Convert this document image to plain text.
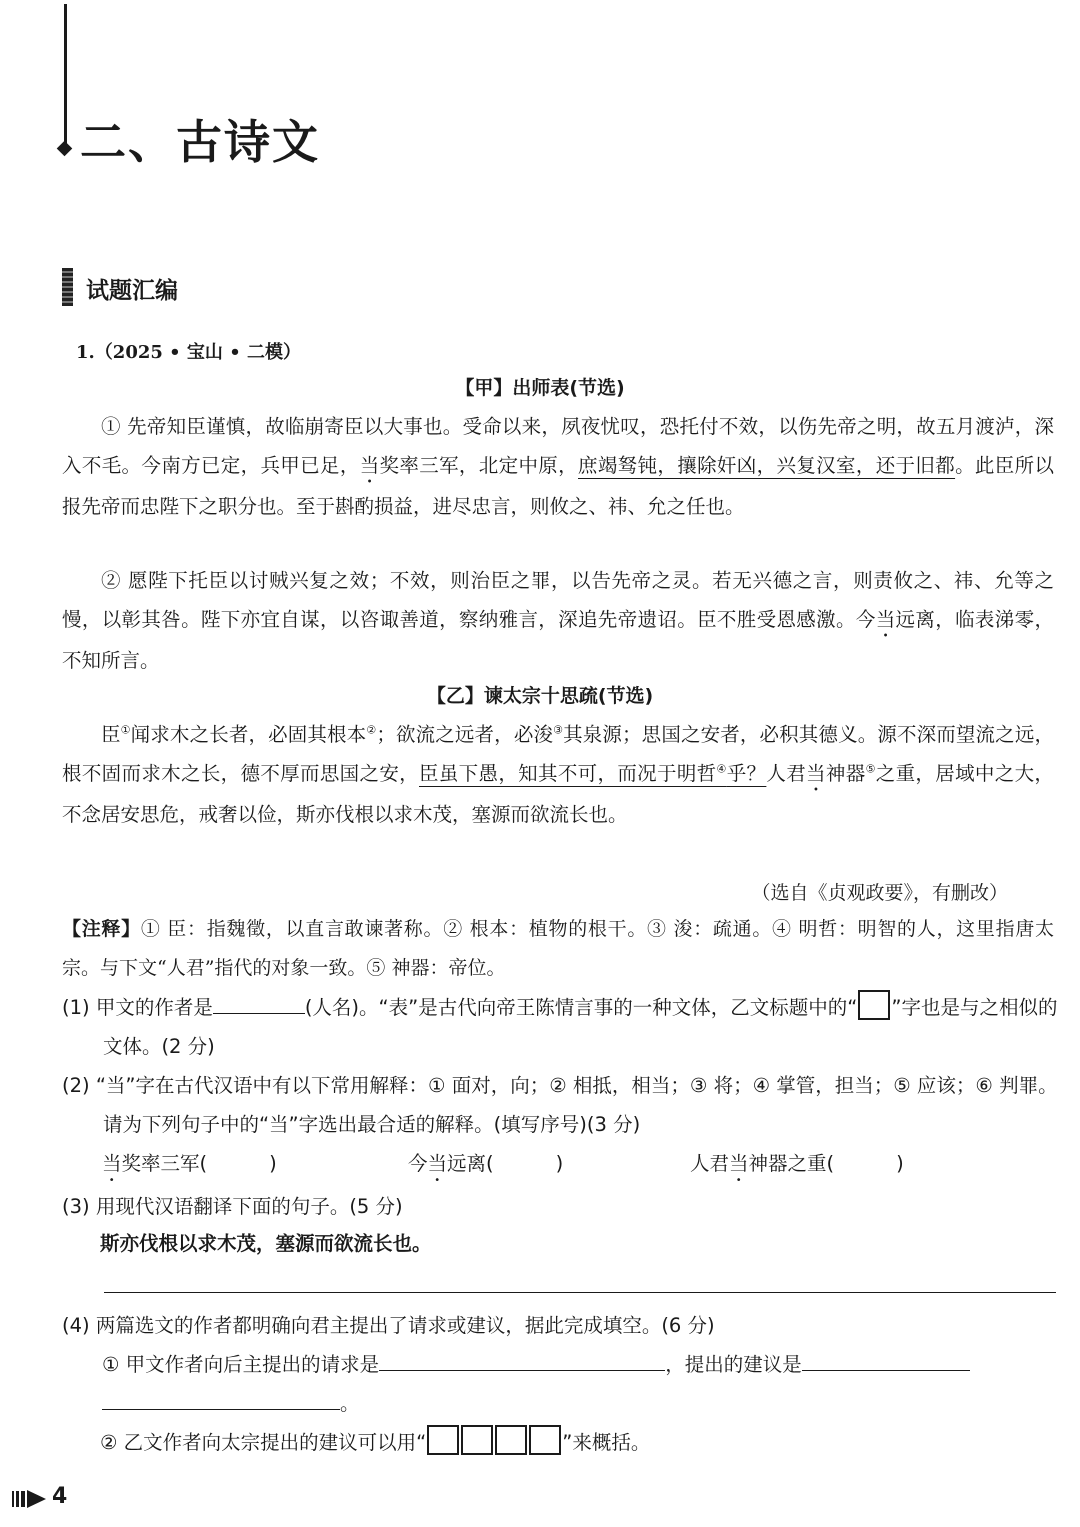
二、古诗文
试题汇编
1.（2025 • 宝山 • 二模）
【甲】出师表(节选)

① 先帝知臣谨慎，故临崩寄臣以大事也。受命以来，夙夜忧叹，恐托付不效，以伤先帝之明，故五月渡泸，深入不毛。今南方已定，兵甲已足，当奖率三军，北定中原，庶竭驽钝，攘除奸凶，兴复汉室，还于旧都。此臣所以报先帝而忠陛下之职分也。至于斟酌损益，进尽忠言，则攸之、祎、允之任也。

② 愿陛下托臣以讨贼兴复之效；不效，则治臣之罪，以告先帝之灵。若无兴德之言，则责攸之、祎、允等之慢，以彰其咎。陛下亦宜自谋，以咨诹善道，察纳雅言，深追先帝遗诏。臣不胜受恩感激。今当远离，临表涕零，不知所言。

【乙】谏太宗十思疏(节选)

臣①闻求木之长者，必固其根本②；欲流之远者，必浚③其泉源；思国之安者，必积其德义。源不深而望流之远，根不固而求木之长，德不厚而思国之安，臣虽下愚，知其不可，而况于明哲④乎？人君当神器⑤之重，居域中之大，不念居安思危，戒奢以俭，斯亦伐根以求木茂，塞源而欲流长也。

（选自《贞观政要》，有删改）

【注释】① 臣：指魏徵，以直言敢谏著称。② 根本：植物的根干。③ 浚：疏通。④ 明哲：明智的人，这里指唐太宗。与下文“人君”指代的对象一致。⑤ 神器：帝位。

(1) 甲文的作者是	(人名)。“表”是古代向帝王陈情言事的一种文体，乙文标题中的“ ”字也是与之相似的文体。(2 分)

(2) “当”字在古代汉语中有以下常用解释：① 面对，向；② 相抵，相当；③ 将；④ 掌管，担当；⑤ 应该；⑥ 判罪。请为下列句子中的“当”字选出最合适的解释。(填写序号)(3 分)

当奖率三军(	)	今当远离(	)	人君当神器之重(	)

(3) 用现代汉语翻译下面的句子。(5 分)

斯亦伐根以求木茂，塞源而欲流长也。

(4) 两篇选文的作者都明确向君主提出了请求或建议，据此完成填空。(6 分)

① 甲文作者向后主提出的请求是	，提出的建议是

。

② 乙文作者向太宗提出的建议可以用“	”来概括。

4
